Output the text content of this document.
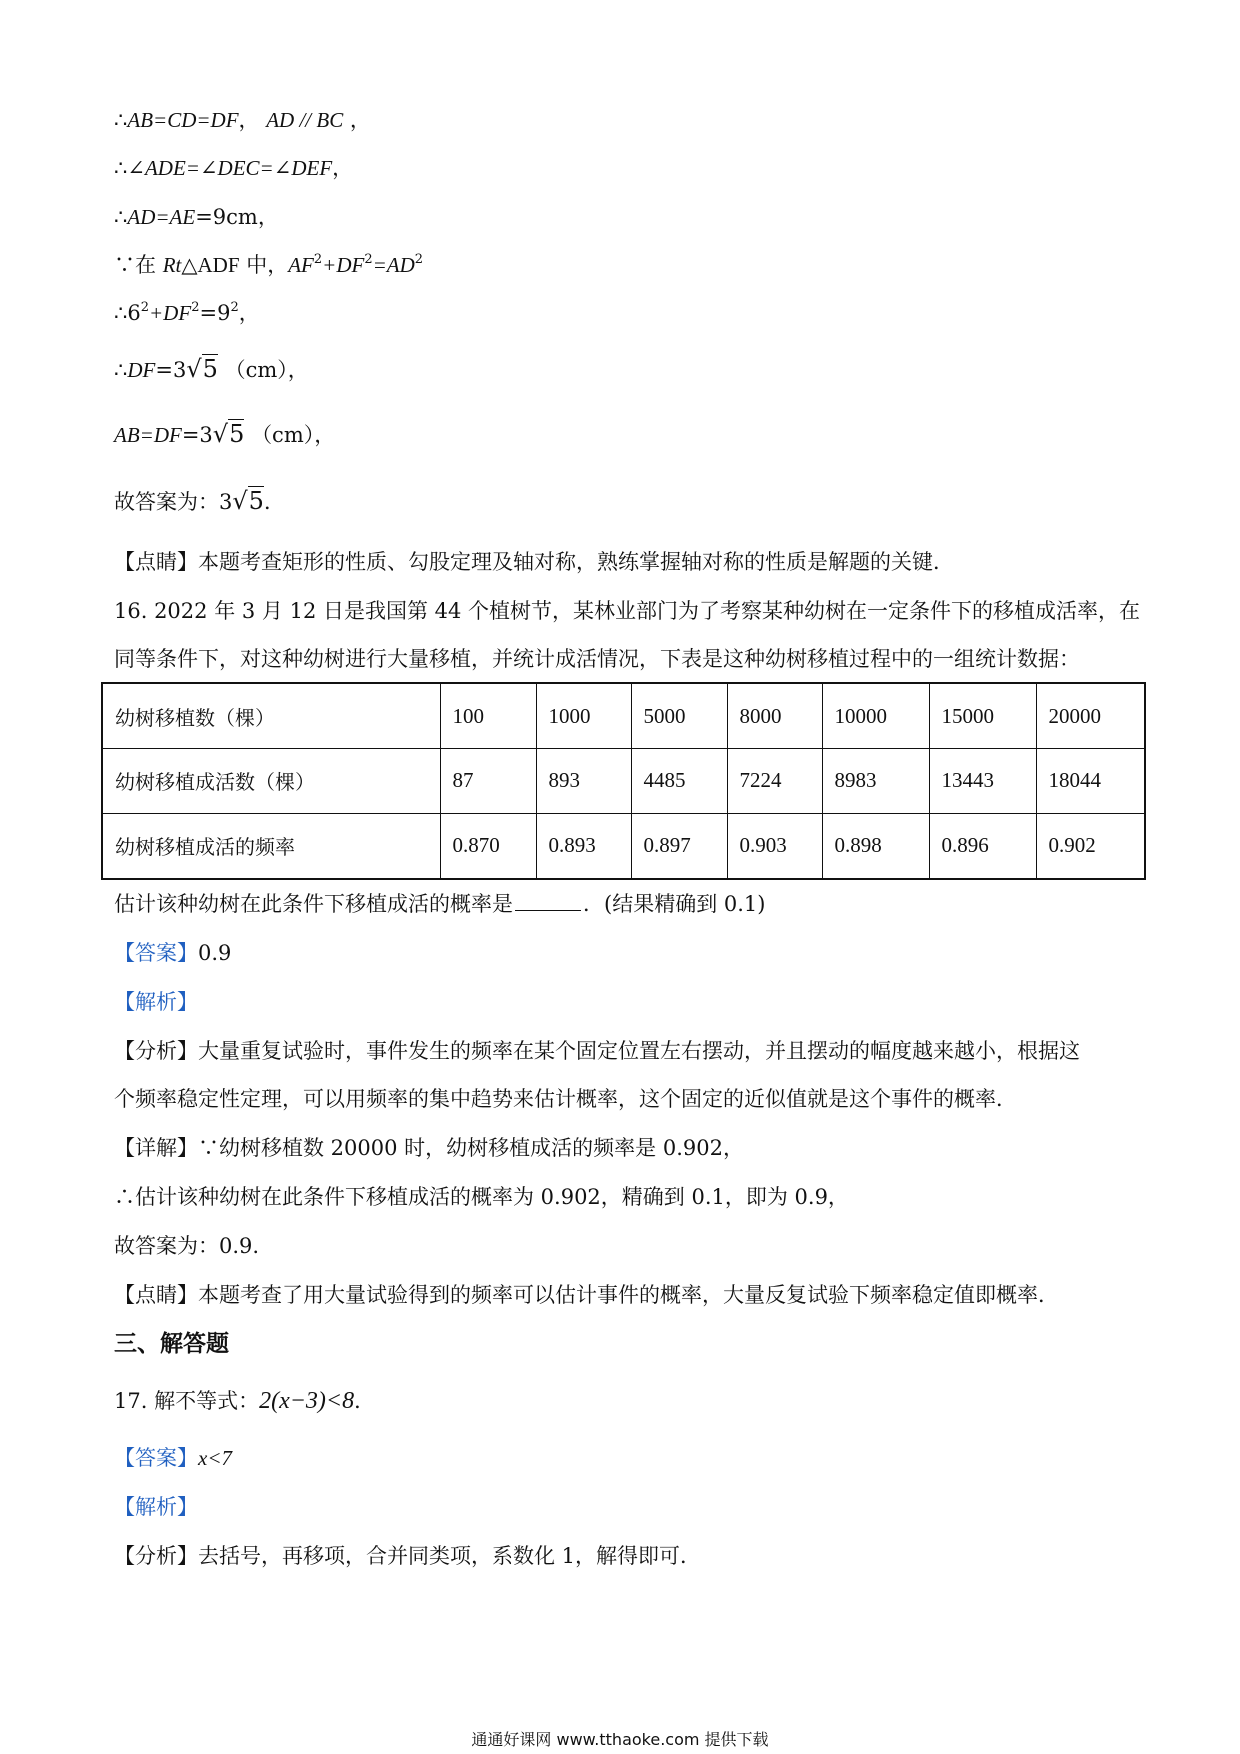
∴AB=CD=DF， AD // BC ，
∴∠ADE=∠DEC=∠DEF，
∴AD=AE=9cm，
∵在 Rt△ADF 中，$AF^2+DF^2=AD^2$
$\therefore 6^2+DF^2=9^2$，
∴DF=3√5 （cm），
AB=DF=3√5 （cm），
故答案为：3√5．
【点睛】本题考查矩形的性质、勾股定理及轴对称，熟练掌握轴对称的性质是解题的关键．
16. 2022 年 3 月 12 日是我国第 44 个植树节，某林业部门为了考察某种幼树在一定条件下的移植成活率，在
同等条件下，对这种幼树进行大量移植，并统计成活情况，下表是这种幼树移植过程中的一组统计数据：
幼树移植数（棵）	100	1000	5000	8000	10000	15000	20000
幼树移植成活数（棵）	87	893	4485	7224	8983	13443	18044
幼树移植成活的频率	0.870	0.893	0.897	0.903	0.898	0.896	0.902
估计该种幼树在此条件下移植成活的概率是	．(结果精确到 0.1)
【答案】0.9
【解析】
【分析】大量重复试验时，事件发生的频率在某个固定位置左右摆动，并且摆动的幅度越来越小，根据这
个频率稳定性定理，可以用频率的集中趋势来估计概率，这个固定的近似值就是这个事件的概率．
【详解】∵幼树移植数 20000 时，幼树移植成活的频率是 0.902，
∴估计该种幼树在此条件下移植成活的概率为 0.902，精确到 0.1，即为 0.9，
故答案为：0.9.
【点睛】本题考查了用大量试验得到的频率可以估计事件的概率，大量反复试验下频率稳定值即概率．
三、解答题
17. 解不等式：2(x−3)<8．
【答案】x<7
【解析】
【分析】去括号，再移项，合并同类项，系数化 1，解得即可．
通通好课网 www.tthaoke.com 提供下载
